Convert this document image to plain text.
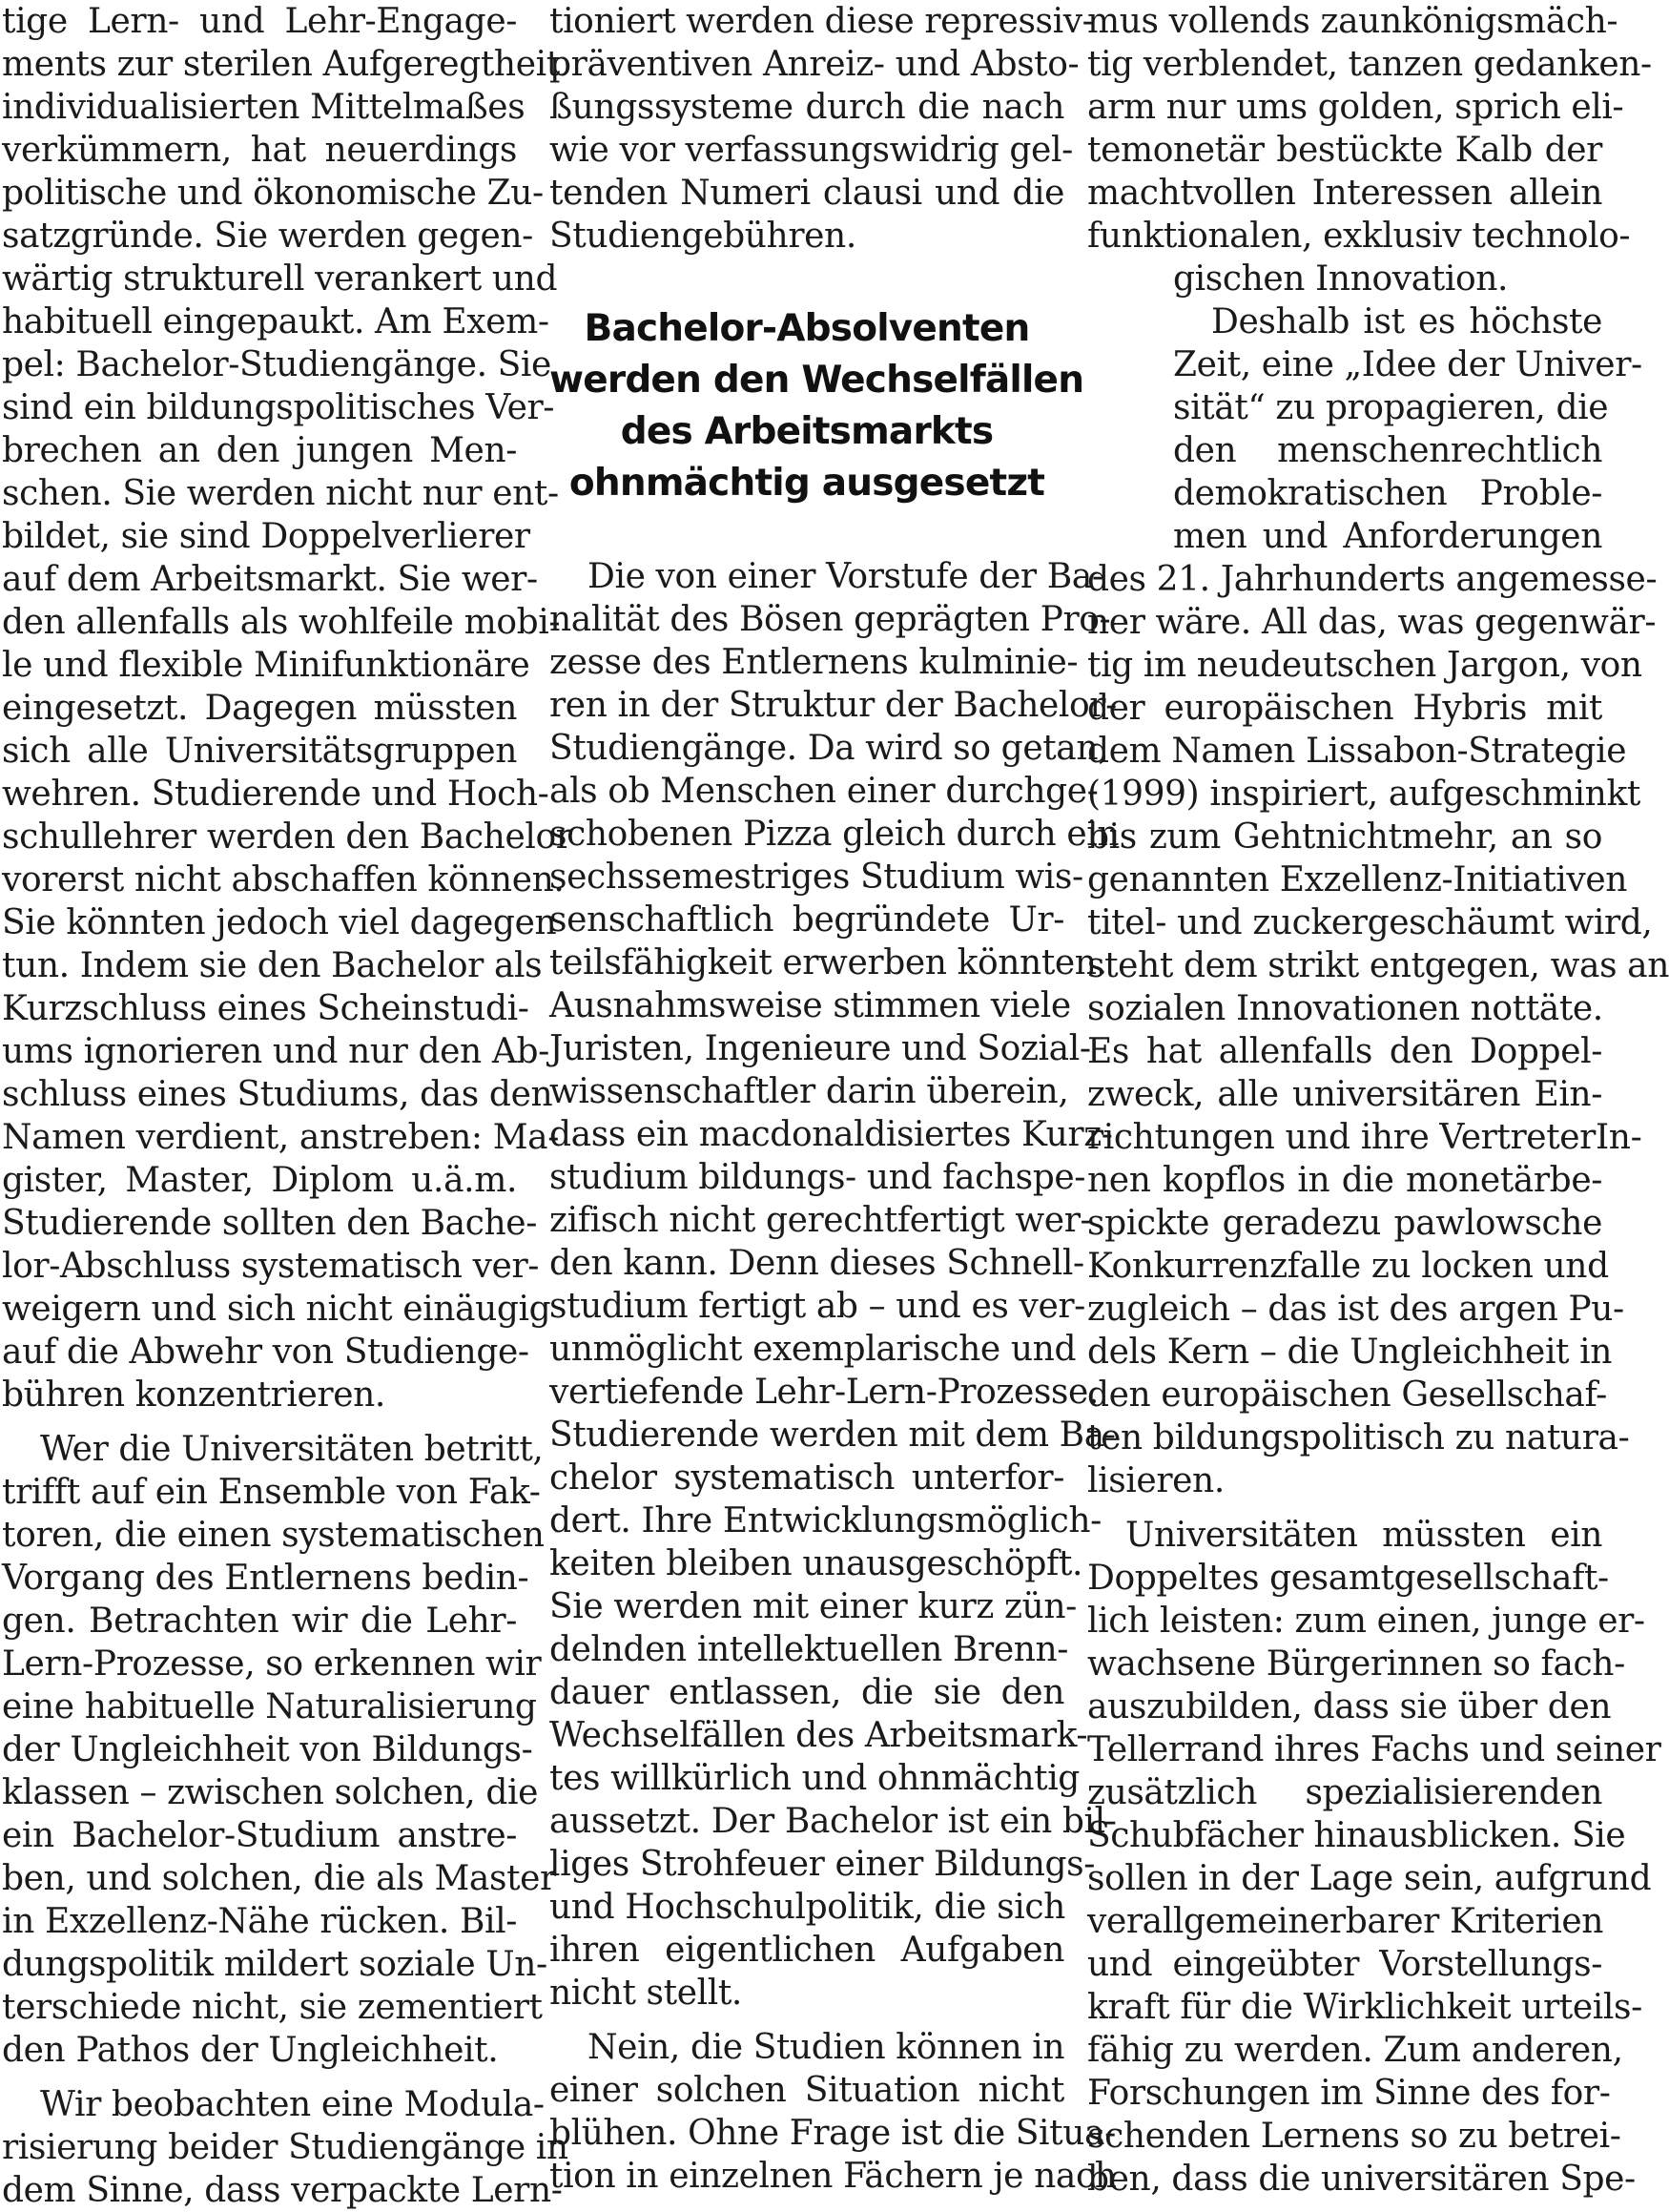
tige Lern- und Lehr-Engage-
ments zur sterilen Aufgeregtheit
individualisierten Mittelmaßes
verkümmern, hat neuerdings
politische und ökonomische Zu-
satzgründe. Sie werden gegen-
wärtig strukturell verankert und
habituell eingepaukt. Am Exem-
pel: Bachelor-Studiengänge. Sie
sind ein bildungspolitisches Ver-
brechen an den jungen Men-
schen. Sie werden nicht nur ent-
bildet, sie sind Doppelverlierer
auf dem Arbeitsmarkt. Sie wer-
den allenfalls als wohlfeile mobi-
le und flexible Minifunktionäre
eingesetzt. Dagegen müssten
sich alle Universitätsgruppen
wehren. Studierende und Hoch-
schullehrer werden den Bachelor
vorerst nicht abschaffen können.
Sie könnten jedoch viel dagegen
tun. Indem sie den Bachelor als
Kurzschluss eines Scheinstudi-
ums ignorieren und nur den Ab-
schluss eines Studiums, das den
Namen verdient, anstreben: Ma-
gister, Master, Diplom u.ä.m.
Studierende sollten den Bache-
lor-Abschluss systematisch ver-
weigern und sich nicht einäugig
auf die Abwehr von Studienge-
bühren konzentrieren.
Wer die Universitäten betritt,
trifft auf ein Ensemble von Fak-
toren, die einen systematischen
Vorgang des Entlernens bedin-
gen. Betrachten wir die Lehr-
Lern-Prozesse, so erkennen wir
eine habituelle Naturalisierung
der Ungleichheit von Bildungs-
klassen – zwischen solchen, die
ein Bachelor-Studium anstre-
ben, und solchen, die als Master
in Exzellenz-Nähe rücken. Bil-
dungspolitik mildert soziale Un-
terschiede nicht, sie zementiert
den Pathos der Ungleichheit.
Wir beobachten eine Modula-
risierung beider Studiengänge in
dem Sinne, dass verpackte Lern-
tioniert werden diese repressiv-
präventiven Anreiz- und Absto-
ßungssysteme durch die nach
wie vor verfassungswidrig gel-
tenden Numeri clausi und die
Studiengebühren.
Bachelor-Absolventen
werden den Wechselfällen
des Arbeitsmarkts
ohnmächtig ausgesetzt
Die von einer Vorstufe der Ba-
nalität des Bösen geprägten Pro-
zesse des Entlernens kulminie-
ren in der Struktur der Bachelor-
Studiengänge. Da wird so getan,
als ob Menschen einer durchge-
schobenen Pizza gleich durch ein
sechssemestriges Studium wis-
senschaftlich begründete Ur-
teilsfähigkeit erwerben könnten.
Ausnahmsweise stimmen viele
Juristen, Ingenieure und Sozial-
wissenschaftler darin überein,
dass ein macdonaldisiertes Kurz-
studium bildungs- und fachspe-
zifisch nicht gerechtfertigt wer-
den kann. Denn dieses Schnell-
studium fertigt ab – und es ver-
unmöglicht exemplarische und
vertiefende Lehr-Lern-Prozesse.
Studierende werden mit dem Ba-
chelor systematisch unterfor-
dert. Ihre Entwicklungsmöglich-
keiten bleiben unausgeschöpft.
Sie werden mit einer kurz zün-
delnden intellektuellen Brenn-
dauer entlassen, die sie den
Wechselfällen des Arbeitsmark-
tes willkürlich und ohnmächtig
aussetzt. Der Bachelor ist ein bil-
liges Strohfeuer einer Bildungs-
und Hochschulpolitik, die sich
ihren eigentlichen Aufgaben
nicht stellt.
Nein, die Studien können in
einer solchen Situation nicht
blühen. Ohne Frage ist die Situa-
tion in einzelnen Fächern je nach
mus vollends zaunkönigsmäch-
tig verblendet, tanzen gedanken-
arm nur ums golden, sprich eli-
temonetär bestückte Kalb der
machtvollen Interessen allein
funktionalen, exklusiv technolo-
gischen Innovation.
Deshalb ist es höchste
Zeit, eine „Idee der Univer-
sität“ zu propagieren, die
den menschenrechtlich
demokratischen Proble-
men und Anforderungen
des 21. Jahrhunderts angemesse-
ner wäre. All das, was gegenwär-
tig im neudeutschen Jargon, von
der europäischen Hybris mit
dem Namen Lissabon-Strategie
(1999) inspiriert, aufgeschminkt
bis zum Gehtnichtmehr, an so
genannten Exzellenz-Initiativen
titel- und zuckergeschäumt wird,
steht dem strikt entgegen, was an
sozialen Innovationen nottäte.
Es hat allenfalls den Doppel-
zweck, alle universitären Ein-
richtungen und ihre VertreterIn-
nen kopflos in die monetärbe-
spickte geradezu pawlowsche
Konkurrenzfalle zu locken und
zugleich – das ist des argen Pu-
dels Kern – die Ungleichheit in
den europäischen Gesellschaf-
ten bildungspolitisch zu natura-
lisieren.
Universitäten müssten ein
Doppeltes gesamtgesellschaft-
lich leisten: zum einen, junge er-
wachsene Bürgerinnen so fach-
auszubilden, dass sie über den
Tellerrand ihres Fachs und seiner
zusätzlich spezialisierenden
Schubfächer hinausblicken. Sie
sollen in der Lage sein, aufgrund
verallgemeinerbarer Kriterien
und eingeübter Vorstellungs-
kraft für die Wirklichkeit urteils-
fähig zu werden. Zum anderen,
Forschungen im Sinne des for-
schenden Lernens so zu betrei-
ben, dass die universitären Spe-
